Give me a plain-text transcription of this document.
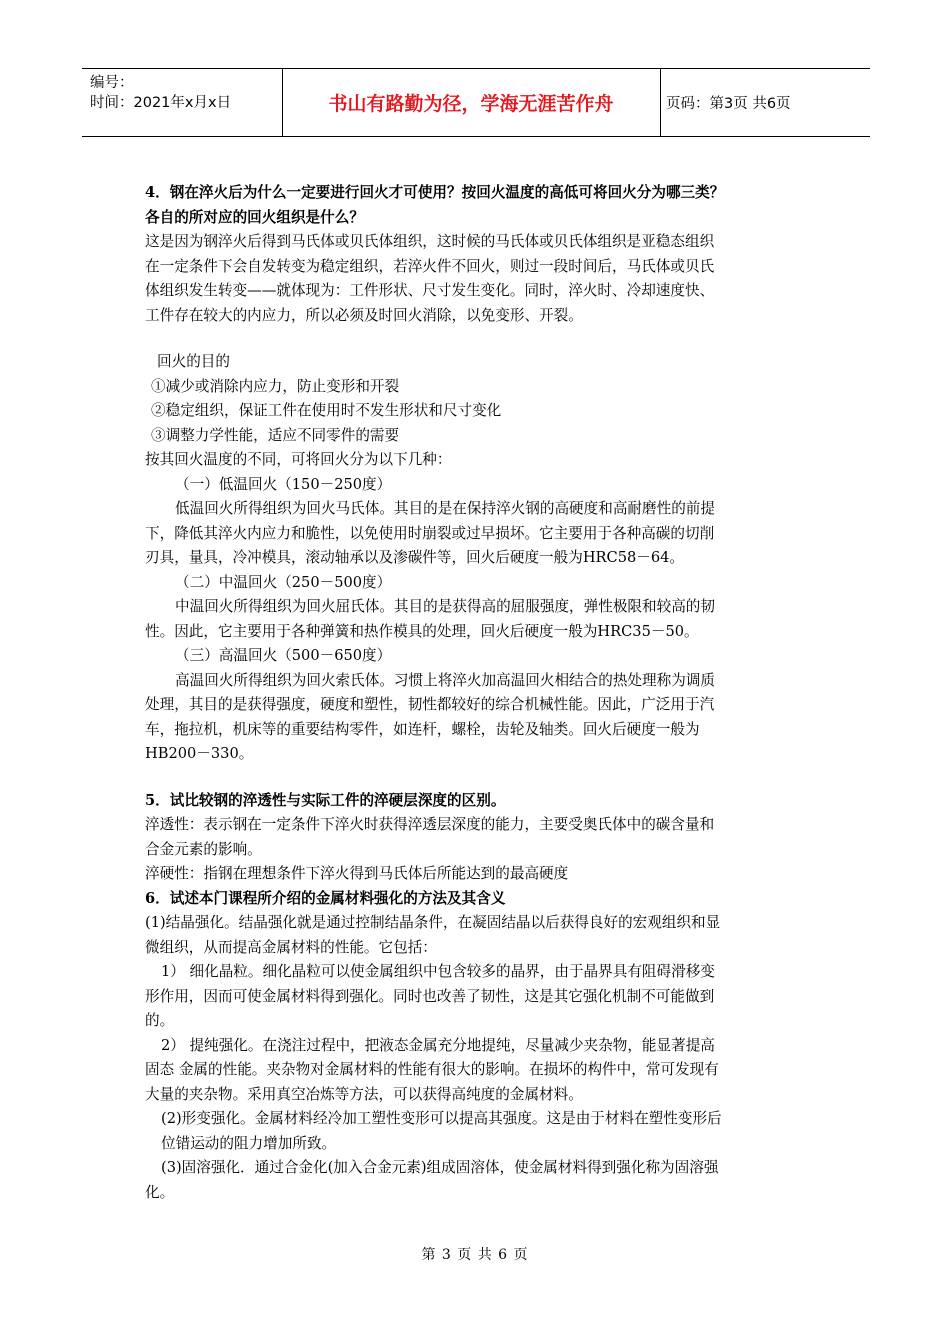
编号：
时间：2021年x月x日	书山有路勤为径，学海无涯苦作舟	页码：第3页 共6页
4．钢在淬火后为什么一定要进行回火才可使用？按回火温度的高低可将回火分为哪三类？
各自的所对应的回火组织是什么？
这是因为钢淬火后得到马氏体或贝氏体组织，这时候的马氏体或贝氏体组织是亚稳态组织
在一定条件下会自发转变为稳定组织，若淬火件不回火，则过一段时间后，马氏体或贝氏
体组织发生转变——就体现为：工件形状、尺寸发生变化。同时，淬火时、冷却速度快、
工件存在较大的内应力，所以必须及时回火消除，以免变形、开裂。
回火的目的
①减少或消除内应力，防止变形和开裂
②稳定组织，保证工件在使用时不发生形状和尺寸变化
③调整力学性能，适应不同零件的需要
按其回火温度的不同，可将回火分为以下几种：
（一）低温回火（150－250度）
低温回火所得组织为回火马氏体。其目的是在保持淬火钢的高硬度和高耐磨性的前提
下，降低其淬火内应力和脆性，以免使用时崩裂或过早损坏。它主要用于各种高碳的切削
刃具，量具，冷冲模具，滚动轴承以及渗碳件等，回火后硬度一般为HRC58－64。
（二）中温回火（250－500度）
中温回火所得组织为回火屈氏体。其目的是获得高的屈服强度，弹性极限和较高的韧
性。因此，它主要用于各种弹簧和热作模具的处理，回火后硬度一般为HRC35－50。
（三）高温回火（500－650度）
高温回火所得组织为回火索氏体。习惯上将淬火加高温回火相结合的热处理称为调质
处理，其目的是获得强度，硬度和塑性，韧性都较好的综合机械性能。因此，广泛用于汽
车，拖拉机，机床等的重要结构零件，如连杆，螺栓，齿轮及轴类。回火后硬度一般为
HB200－330。
5．试比较钢的淬透性与实际工件的淬硬层深度的区别。
淬透性：表示钢在一定条件下淬火时获得淬透层深度的能力，主要受奥氏体中的碳含量和
合金元素的影响。
淬硬性：指钢在理想条件下淬火得到马氏体后所能达到的最高硬度
6．试述本门课程所介绍的金属材料强化的方法及其含义
(1)结晶强化。结晶强化就是通过控制结晶条件，在凝固结晶以后获得良好的宏观组织和显
微组织，从而提高金属材料的性能。它包括：
1） 细化晶粒。细化晶粒可以使金属组织中包含较多的晶界，由于晶界具有阻碍滑移变
形作用，因而可使金属材料得到强化。同时也改善了韧性，这是其它强化机制不可能做到
的。
2） 提纯强化。在浇注过程中，把液态金属充分地提纯，尽量减少夹杂物，能显著提高
固态 金属的性能。夹杂物对金属材料的性能有很大的影响。在损坏的构件中，常可发现有
大量的夹杂物。采用真空冶炼等方法，可以获得高纯度的金属材料。
(2)形变强化。金属材料经冷加工塑性变形可以提高其强度。这是由于材料在塑性变形后
位错运动的阻力增加所致。
(3)固溶强化．通过合金化(加入合金元素)组成固溶体，使金属材料得到强化称为固溶强
化。
第 3 页 共 6 页
